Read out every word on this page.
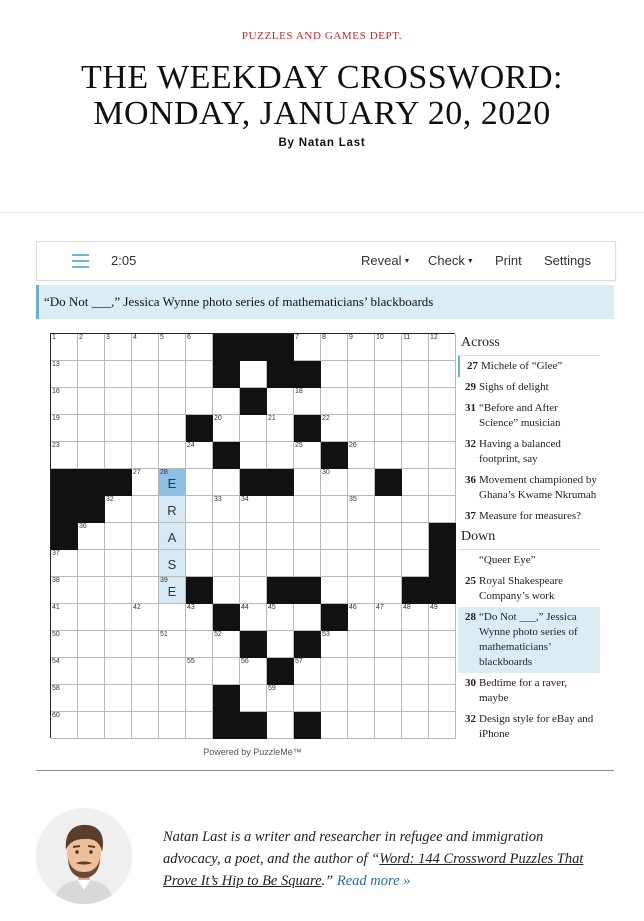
PUZZLES AND GAMES DEPT.
THE WEEKDAY CROSSWORD:
MONDAY, JANUARY 20, 2020
By Natan Last
2:05	Reveal ▼ Check ▼ Print Settings
“Do Not ___,” Jessica Wynne photo series of mathematicians’ blackboards
1	2	3	4	5	6	7	8	9	10	11	12
13
16	18
19	20	21	22
23	24	25	26
27	28
E
30
32
R
33	34	35
36
A
37
S
38	39
E
41	42	43	44	45	46	47	48	49
50	51	52	53
54	55	56	57
58	59
60
Powered by PuzzleMe™
Across
27 Michele of “Glee”
29 Sighs of delight
31 “Before and After Science” musician
32 Having a balanced footprint, say
36 Movement championed by Ghana’s Kwame Nkrumah
37 Measure for measures?
Down
“Queer Eye”
25 Royal Shakespeare Company’s work
28 “Do Not ___,” Jessica Wynne photo series of mathematicians’ blackboards
30 Bedtime for a raver, maybe
32 Design style for eBay and iPhone
Natan Last is a writer and researcher in refugee and immigration advocacy, a poet, and the author of “Word: 144 Crossword Puzzles That Prove It’s Hip to Be Square.” Read more »
